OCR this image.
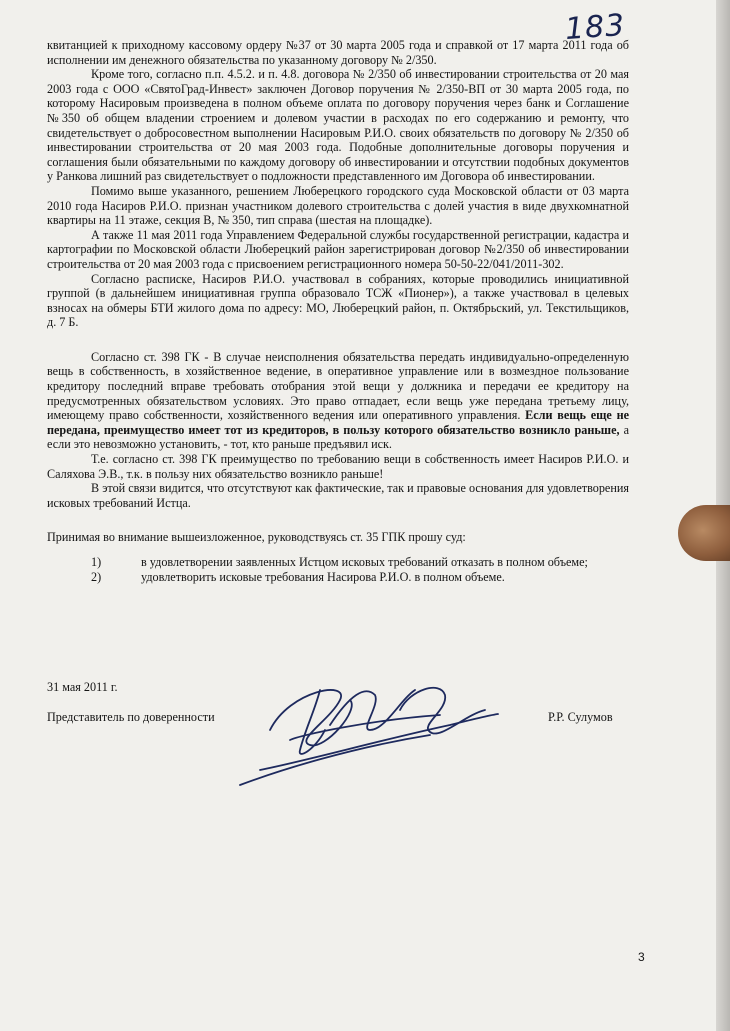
183

квитанцией к приходному кассовому ордеру №37 от 30 марта 2005 года и справкой от 17 марта 2011 года об исполнении им денежного обязательства по указанному договору № 2/350.

Кроме того, согласно п.п. 4.5.2. и п. 4.8. договора № 2/350 об инвестировании строительства от 20 мая 2003 года с ООО «СвятоГрад-Инвест» заключен Договор поручения № 2/350-ВП от 30 марта 2005 года, по которому Насировым произведена в полном объеме оплата по договору поручения через банк и Соглашение №350 об общем владении строением и долевом участии в расходах по его содержанию и ремонту, что свидетельствует о добросовестном выполнении Насировым Р.И.О. своих обязательств по договору № 2/350 об инвестировании строительства от 20 мая 2003 года. Подобные дополнительные договоры поручения и соглашения были обязательными по каждому договору об инвестировании и отсутствии подобных документов у Ранкова лишний раз свидетельствует о подложности представленного им Договора об инвестировании.

Помимо выше указанного, решением Люберецкого городского суда Московской области от 03 марта 2010 года Насиров Р.И.О. признан участником долевого строительства с долей участия в виде двухкомнатной квартиры на 11 этаже, секция В, № 350, тип справа (шестая на площадке).

А также 11 мая 2011 года Управлением Федеральной службы государственной регистрации, кадастра и картографии по Московской области Люберецкий район зарегистрирован договор №2/350 об инвестировании строительства от 20 мая 2003 года с присвоением регистрационного номера 50-50-22/041/2011-302.

Согласно расписке, Насиров Р.И.О. участвовал в собраниях, которые проводились инициативной группой (в дальнейшем инициативная группа образовало ТСЖ «Пионер»), а также участвовал в целевых взносах на обмеры БТИ жилого дома по адресу: МО, Люберецкий район, п. Октябрьский, ул. Текстильщиков, д. 7 Б.

Согласно ст. 398 ГК - В случае неисполнения обязательства передать индивидуально-определенную вещь в собственность, в хозяйственное ведение, в оперативное управление или в возмездное пользование кредитору последний вправе требовать отобрания этой вещи у должника и передачи ее кредитору на предусмотренных обязательством условиях. Это право отпадает, если вещь уже передана третьему лицу, имеющему право собственности, хозяйственного ведения или оперативного управления. Если вещь еще не передана, преимущество имеет тот из кредиторов, в пользу которого обязательство возникло раньше, а если это невозможно установить, - тот, кто раньше предъявил иск.

Т.е. согласно ст. 398 ГК преимущество по требованию вещи в собственность имеет Насиров Р.И.О. и Саляхова Э.В., т.к. в пользу них обязательство возникло раньше!

В этой связи видится, что отсутствуют как фактические, так и правовые основания для удовлетворения исковых требований Истца.

Принимая во внимание вышеизложенное, руководствуясь ст. 35 ГПК прошу суд:

1)	в удовлетворении заявленных Истцом исковых требований отказать в полном объеме;
2)	удовлетворить исковые требования Насирова Р.И.О. в полном объеме.
31 мая 2011 г.
Представитель по доверенности	Р.Р. Сулумов
3
